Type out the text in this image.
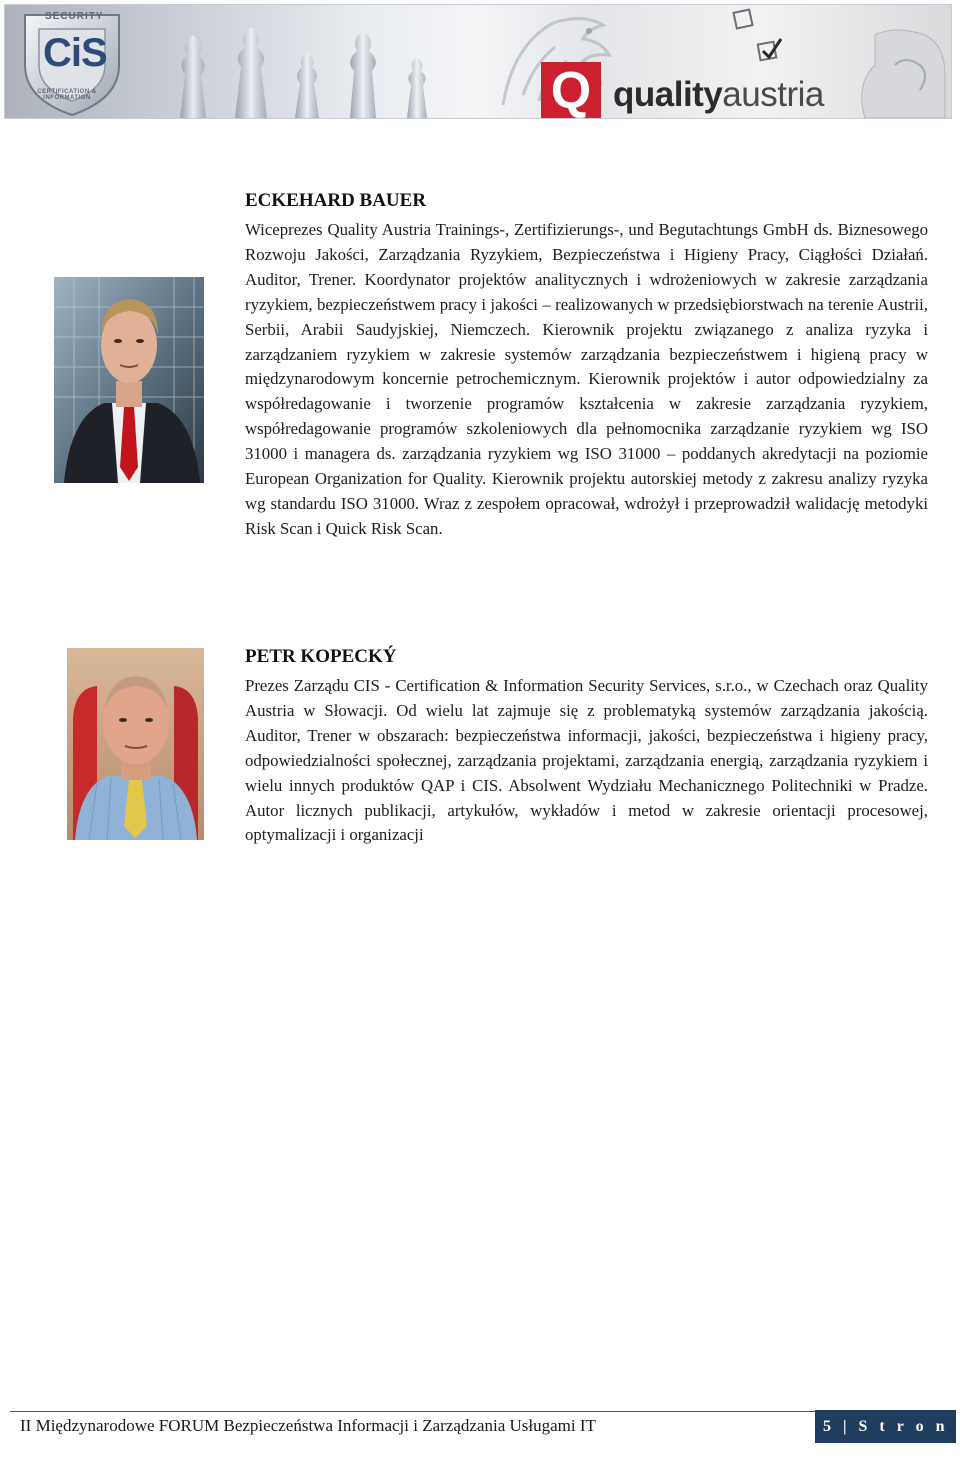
SECURITY
CiS
CERTIFICATION & INFORMATION	Q qualityaustria
ECKEHARD BAUER

Wiceprezes Quality Austria Trainings-, Zertifizierungs-, und Begutachtungs GmbH ds. Biznesowego Rozwoju Jakości, Zarządzania Ryzykiem, Bezpieczeństwa i Higieny Pracy, Ciągłości Działań. Auditor, Trener. Koordynator projektów analitycznych i wdrożeniowych w zakresie zarządzania ryzykiem, bezpieczeństwem pracy i jakości – realizowanych w przedsiębiorstwach na terenie Austrii, Serbii, Arabii Saudyjskiej, Niemczech. Kierownik projektu związanego z analiza ryzyka i zarządzaniem ryzykiem w zakresie systemów zarządzania bezpieczeństwem i higieną pracy w międzynarodowym koncernie petrochemicznym. Kierownik projektów i autor odpowiedzialny za współredagowanie i tworzenie programów kształcenia w zakresie zarządzania ryzykiem, współredagowanie programów szkoleniowych dla pełnomocnika zarządzanie ryzykiem wg ISO 31000 i managera ds. zarządzania ryzykiem wg ISO 31000 – poddanych akredytacji na poziomie European Organization for Quality. Kierownik projektu autorskiej metody z zakresu analizy ryzyka wg standardu ISO 31000. Wraz z zespołem opracował, wdrożył i przeprowadził walidację metodyki Risk Scan i Quick Risk Scan.

PETR KOPECKÝ

Prezes Zarządu CIS - Certification & Information Security Services, s.r.o., w Czechach oraz Quality Austria w Słowacji. Od wielu lat zajmuje się z problematyką systemów zarządzania jakością. Auditor, Trener w obszarach: bezpieczeństwa informacji, jakości, bezpieczeństwa i higieny pracy, odpowiedzialności społecznej, zarządzania projektami, zarządzania energią, zarządzania ryzykiem i wielu innych produktów QAP i CIS. Absolwent Wydziału Mechanicznego Politechniki w Pradze. Autor licznych publikacji, artykułów, wykładów i metod w zakresie orientacji procesowej, optymalizacji i organizacji

II Międzynarodowe FORUM Bezpieczeństwa Informacji i Zarządzania Usługami IT	5 | S t r o n a
